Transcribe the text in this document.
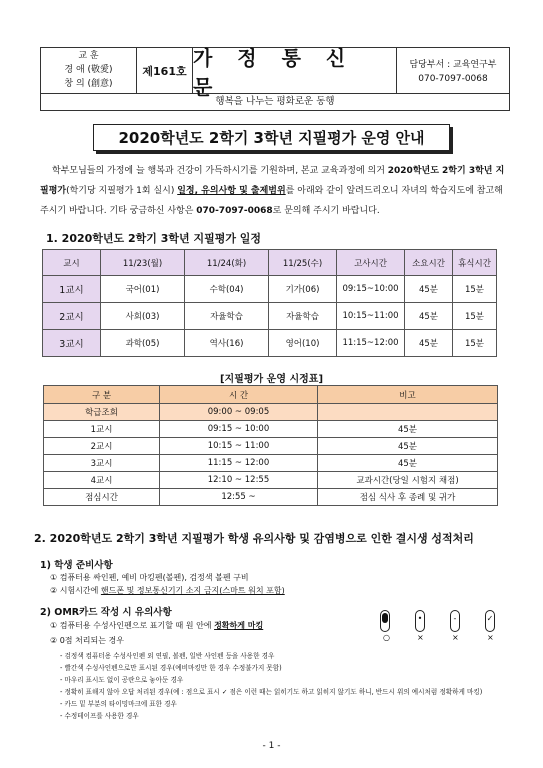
교 훈
경 애 (敬愛)
창 의 (創意)
제161호
가 정 통 신 문
담당부서 : 교육연구부
070-7097-0068
행복을 나누는 평화로운 동행
2020학년도 2학기 3학년 지필평가 운영 안내
학부모님들의 가정에 늘 행복과 건강이 가득하시기를 기원하며, 본교 교육과정에 의거 2020학년도 2학기 3학년 지필평가(학기당 지필평가 1회 실시) 일정, 유의사항 및 출제범위를 아래와 같이 알려드리오니 자녀의 학습지도에 참고해 주시기 바랍니다. 기타 궁금하신 사항은 070-7097-0068로 문의해 주시기 바랍니다.
1. 2020학년도 2학기 3학년 지필평가 일정
교시	11/23(월)	11/24(화)	11/25(수)	고사시간	소요시간	휴식시간
1교시	국어(01)	수학(04)	기가(06)	09:15~10:00	45분	15분
2교시	사회(03)	자율학습	자율학습	10:15~11:00	45분	15분
3교시	과학(05)	역사(16)	영어(10)	11:15~12:00	45분	15분
[지필평가 운영 시정표]
구 분	시 간	비고
학급조회	09:00 ~ 09:05	
1교시	09:15 ~ 10:00	45분
2교시	10:15 ~ 11:00	45분
3교시	11:15 ~ 12:00	45분
4교시	12:10 ~ 12:55	교과시간(당일 시험지 채점)
점심시간	12:55 ~	점심 식사 후 종례 및 귀가
2. 2020학년도 2학기 3학년 지필평가 학생 유의사항 및 감염병으로 인한 결시생 성적처리
1) 학생 준비사항
① 컴퓨터용 싸인펜, 예비 마킹펜(볼펜), 검정색 볼펜 구비
② 시험시간에 핸드폰 및 정보통신기기 소지 금지(스마트 워치 포함)
2) OMR카드 작성 시 유의사항
① 컴퓨터용 수성사인펜으로 표기할 때 원 안에 정확하게 마킹
② 0점 처리되는 경우
- 검정색 컴퓨터용 수성사인펜 외 연필, 볼펜, 일반 사인펜 등을 사용한 경우
- 빨간색 수성사인펜으로만 표시된 경우(예비마킹만 한 경우 수정불가지 못함)
- 마우리 표시도 없이 공란으로 놓아둔 경우
- 정확히 표해지 않아 오답 처리된 경우(예 : 점으로 표시 ✓ 점은 이런 때는 읽히기도 하고 읽히지 않기도 하니, 반드시 위의 예시처럼 정확하게 마킹)
- 카드 밑 부분의 타이밍마크에 표한 경우
- 수정테이프를 사용한 경우
○
•
×
-
×
✓
×
- 1 -
